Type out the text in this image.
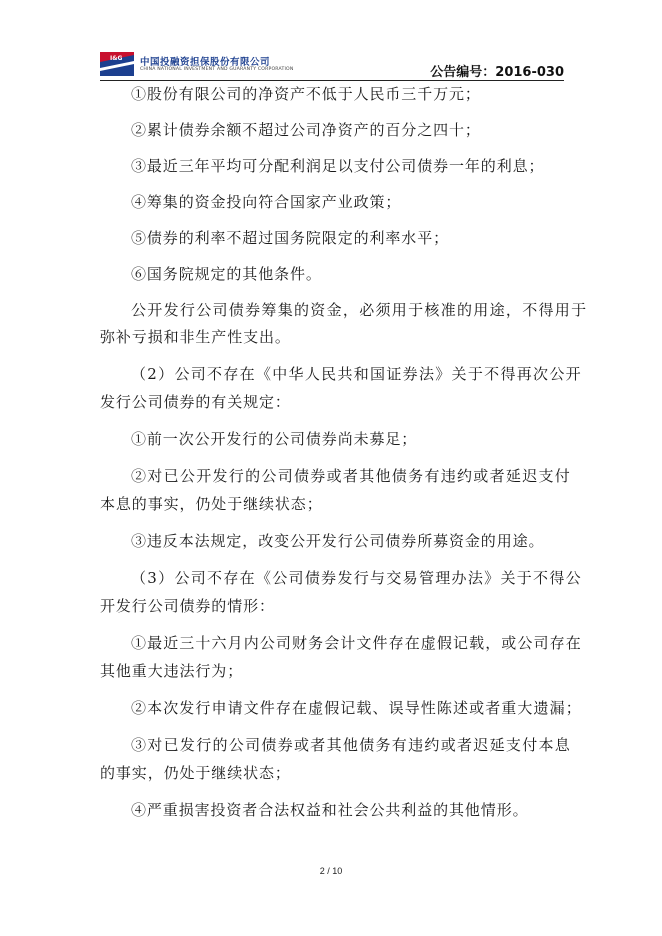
I&G 中国投融资担保股份有限公司
CHINA NATIONAL INVESTMENT AND GUARANTY CORPORATION	公告编号：2016-030
①股份有限公司的净资产不低于人民币三千万元；
②累计债券余额不超过公司净资产的百分之四十；
③最近三年平均可分配利润足以支付公司债券一年的利息；
④筹集的资金投向符合国家产业政策；
⑤债券的利率不超过国务院限定的利率水平；
⑥国务院规定的其他条件。
公开发行公司债券筹集的资金，必须用于核准的用途，不得用于
弥补亏损和非生产性支出。
（2）公司不存在《中华人民共和国证券法》关于不得再次公开
发行公司债券的有关规定：
①前一次公开发行的公司债券尚未募足；
②对已公开发行的公司债券或者其他债务有违约或者延迟支付
本息的事实，仍处于继续状态；
③违反本法规定，改变公开发行公司债券所募资金的用途。
（3）公司不存在《公司债券发行与交易管理办法》关于不得公
开发行公司债券的情形：
①最近三十六月内公司财务会计文件存在虚假记载，或公司存在
其他重大违法行为；
②本次发行申请文件存在虚假记载、误导性陈述或者重大遗漏；
③对已发行的公司债券或者其他债务有违约或者迟延支付本息
的事实，仍处于继续状态；
④严重损害投资者合法权益和社会公共利益的其他情形。
2 / 10
